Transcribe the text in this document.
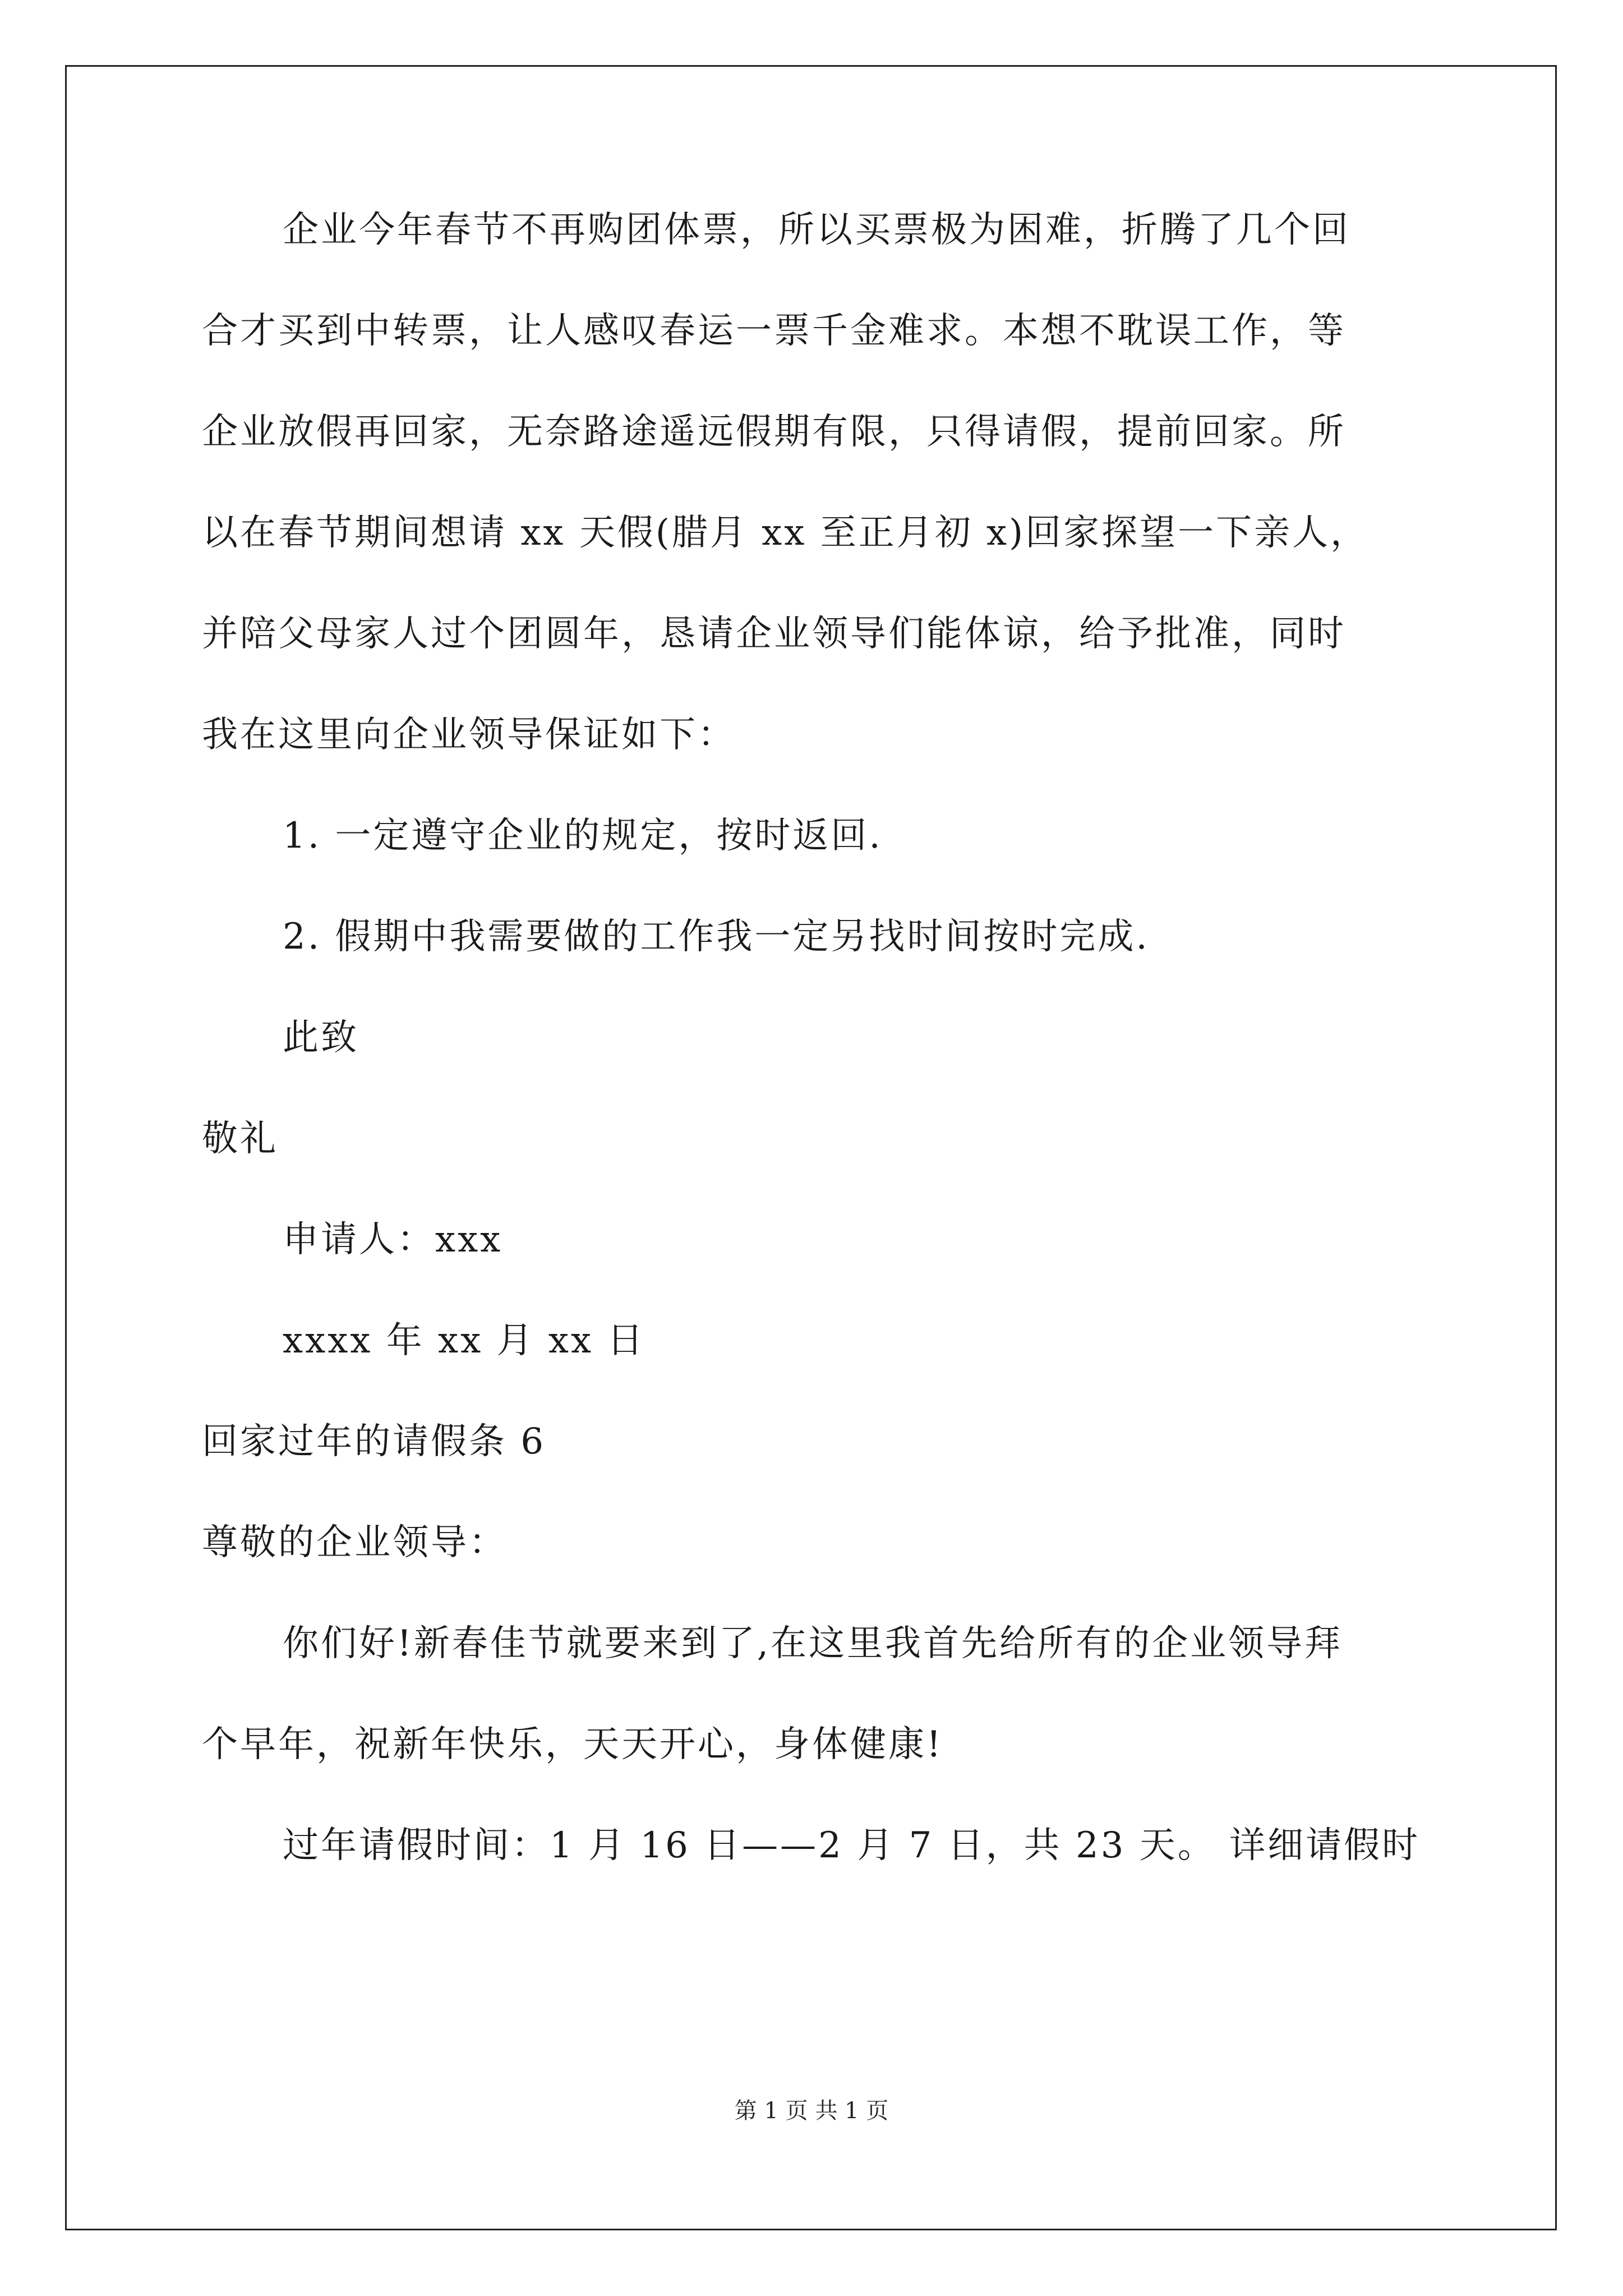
企业今年春节不再购团体票，所以买票极为困难，折腾了几个回
合才买到中转票，让人感叹春运一票千金难求。本想不耽误工作，等
企业放假再回家，无奈路途遥远假期有限，只得请假，提前回家。所
以在春节期间想请 xx 天假(腊月 xx 至正月初 x)回家探望一下亲人，
并陪父母家人过个团圆年，恳请企业领导们能体谅，给予批准，同时
我在这里向企业领导保证如下：
1. 一定遵守企业的规定，按时返回.
2. 假期中我需要做的工作我一定另找时间按时完成.
此致
敬礼
申请人：xxx
xxxx 年 xx 月 xx 日
回家过年的请假条 6
尊敬的企业领导：
你们好!新春佳节就要来到了,在这里我首先给所有的企业领导拜
个早年，祝新年快乐，天天开心，身体健康!
过年请假时间：1 月 16 日——2 月 7 日，共 23 天。 详细请假时
第 1 页 共 1 页
